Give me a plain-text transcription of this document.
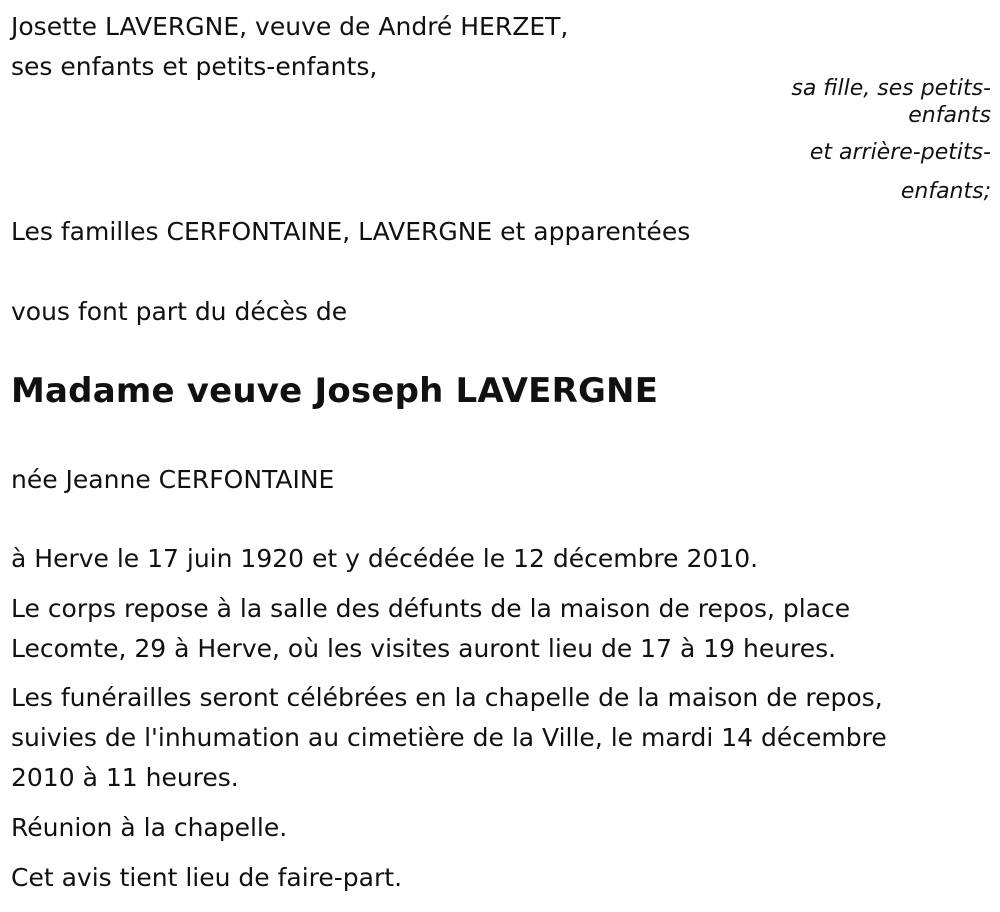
Josette LAVERGNE, veuve de André HERZET,

ses enfants et petits-enfants,

sa fille, ses petits-
enfants
et arrière-petits-
enfants;

Les familles CERFONTAINE, LAVERGNE et apparentées

vous font part du décès de

Madame veuve Joseph LAVERGNE

née Jeanne CERFONTAINE

à Herve le 17 juin 1920 et y décédée le 12 décembre 2010.

Le corps repose à la salle des défunts de la maison de repos, place

Lecomte, 29 à Herve, où les visites auront lieu de 17 à 19 heures.

Les funérailles seront célébrées en la chapelle de la maison de repos,

suivies de l'inhumation au cimetière de la Ville, le mardi 14 décembre

2010 à 11 heures.

Réunion à la chapelle.

Cet avis tient lieu de faire-part.
